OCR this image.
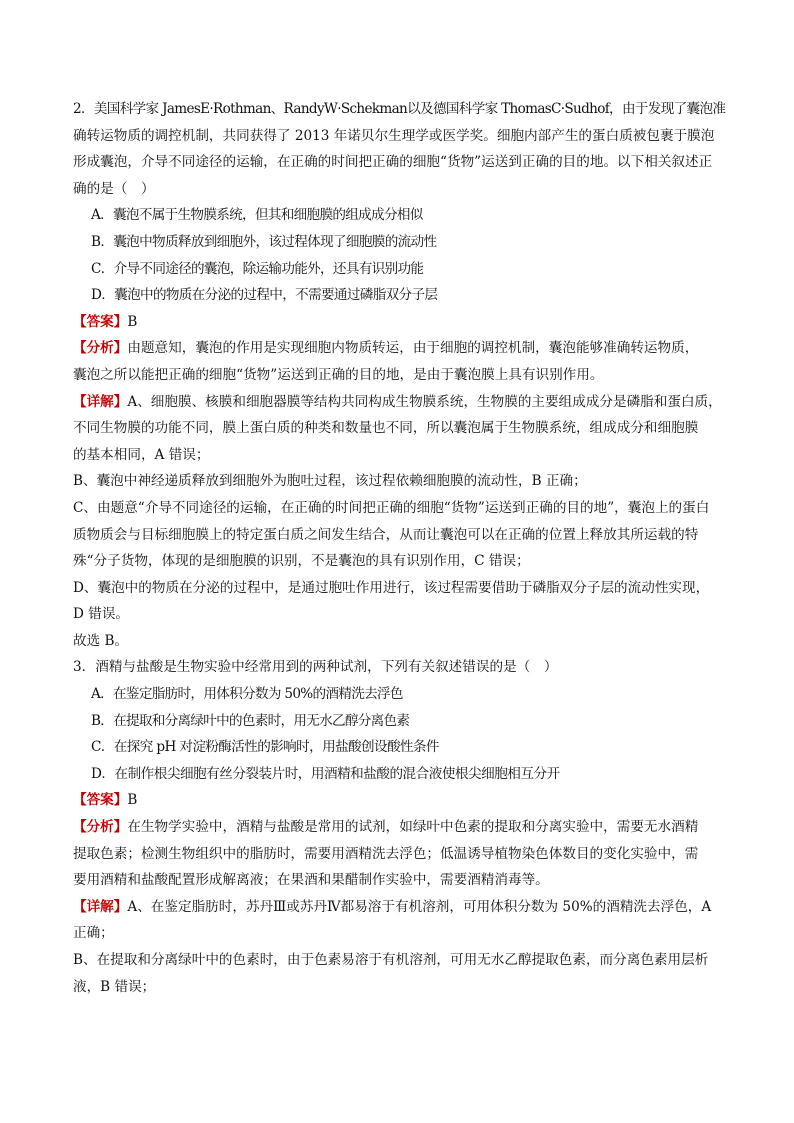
2．美国科学家 JamesE·Rothman、RandyW·Schekman以及德国科学家 ThomasC·Sudhof，由于发现了囊泡准
确转运物质的调控机制，共同获得了 2013 年诺贝尔生理学或医学奖。细胞内部产生的蛋白质被包裹于膜泡
形成囊泡，介导不同途径的运输，在正确的时间把正确的细胞“货物”运送到正确的目的地。以下相关叙述正
确的是（　）
A．囊泡不属于生物膜系统，但其和细胞膜的组成成分相似
B．囊泡中物质释放到细胞外，该过程体现了细胞膜的流动性
C．介导不同途径的囊泡，除运输功能外，还具有识别功能
D．囊泡中的物质在分泌的过程中，不需要通过磷脂双分子层
【答案】B
【分析】由题意知，囊泡的作用是实现细胞内物质转运，由于细胞的调控机制，囊泡能够准确转运物质，
囊泡之所以能把正确的细胞“货物”运送到正确的目的地，是由于囊泡膜上具有识别作用。
【详解】A、细胞膜、核膜和细胞器膜等结构共同构成生物膜系统，生物膜的主要组成成分是磷脂和蛋白质，
不同生物膜的功能不同，膜上蛋白质的种类和数量也不同，所以囊泡属于生物膜系统，组成成分和细胞膜
的基本相同，A 错误；
B、囊泡中神经递质释放到细胞外为胞吐过程，该过程依赖细胞膜的流动性，B 正确；
C、由题意“介导不同途径的运输，在正确的时间把正确的细胞“货物”运送到正确的目的地”，囊泡上的蛋白
质物质会与目标细胞膜上的特定蛋白质之间发生结合，从而让囊泡可以在正确的位置上释放其所运载的特
殊“分子货物，体现的是细胞膜的识别，不是囊泡的具有识别作用，C 错误；
D、囊泡中的物质在分泌的过程中，是通过胞吐作用进行，该过程需要借助于磷脂双分子层的流动性实现，
D 错误。
故选 B。
3．酒精与盐酸是生物实验中经常用到的两种试剂，下列有关叙述错误的是（　）
A．在鉴定脂肪时，用体积分数为 50%的酒精洗去浮色
B．在提取和分离绿叶中的色素时，用无水乙醇分离色素
C．在探究 pH 对淀粉酶活性的影响时，用盐酸创设酸性条件
D．在制作根尖细胞有丝分裂装片时，用酒精和盐酸的混合液使根尖细胞相互分开
【答案】B
【分析】在生物学实验中，酒精与盐酸是常用的试剂，如绿叶中色素的提取和分离实验中，需要无水酒精
提取色素；检测生物组织中的脂肪时，需要用酒精洗去浮色；低温诱导植物染色体数目的变化实验中，需
要用酒精和盐酸配置形成解离液；在果酒和果醋制作实验中，需要酒精消毒等。
【详解】A、在鉴定脂肪时，苏丹Ⅲ或苏丹Ⅳ都易溶于有机溶剂，可用体积分数为 50%的酒精洗去浮色，A
正确；
B、在提取和分离绿叶中的色素时，由于色素易溶于有机溶剂，可用无水乙醇提取色素，而分离色素用层析
液，B 错误；
